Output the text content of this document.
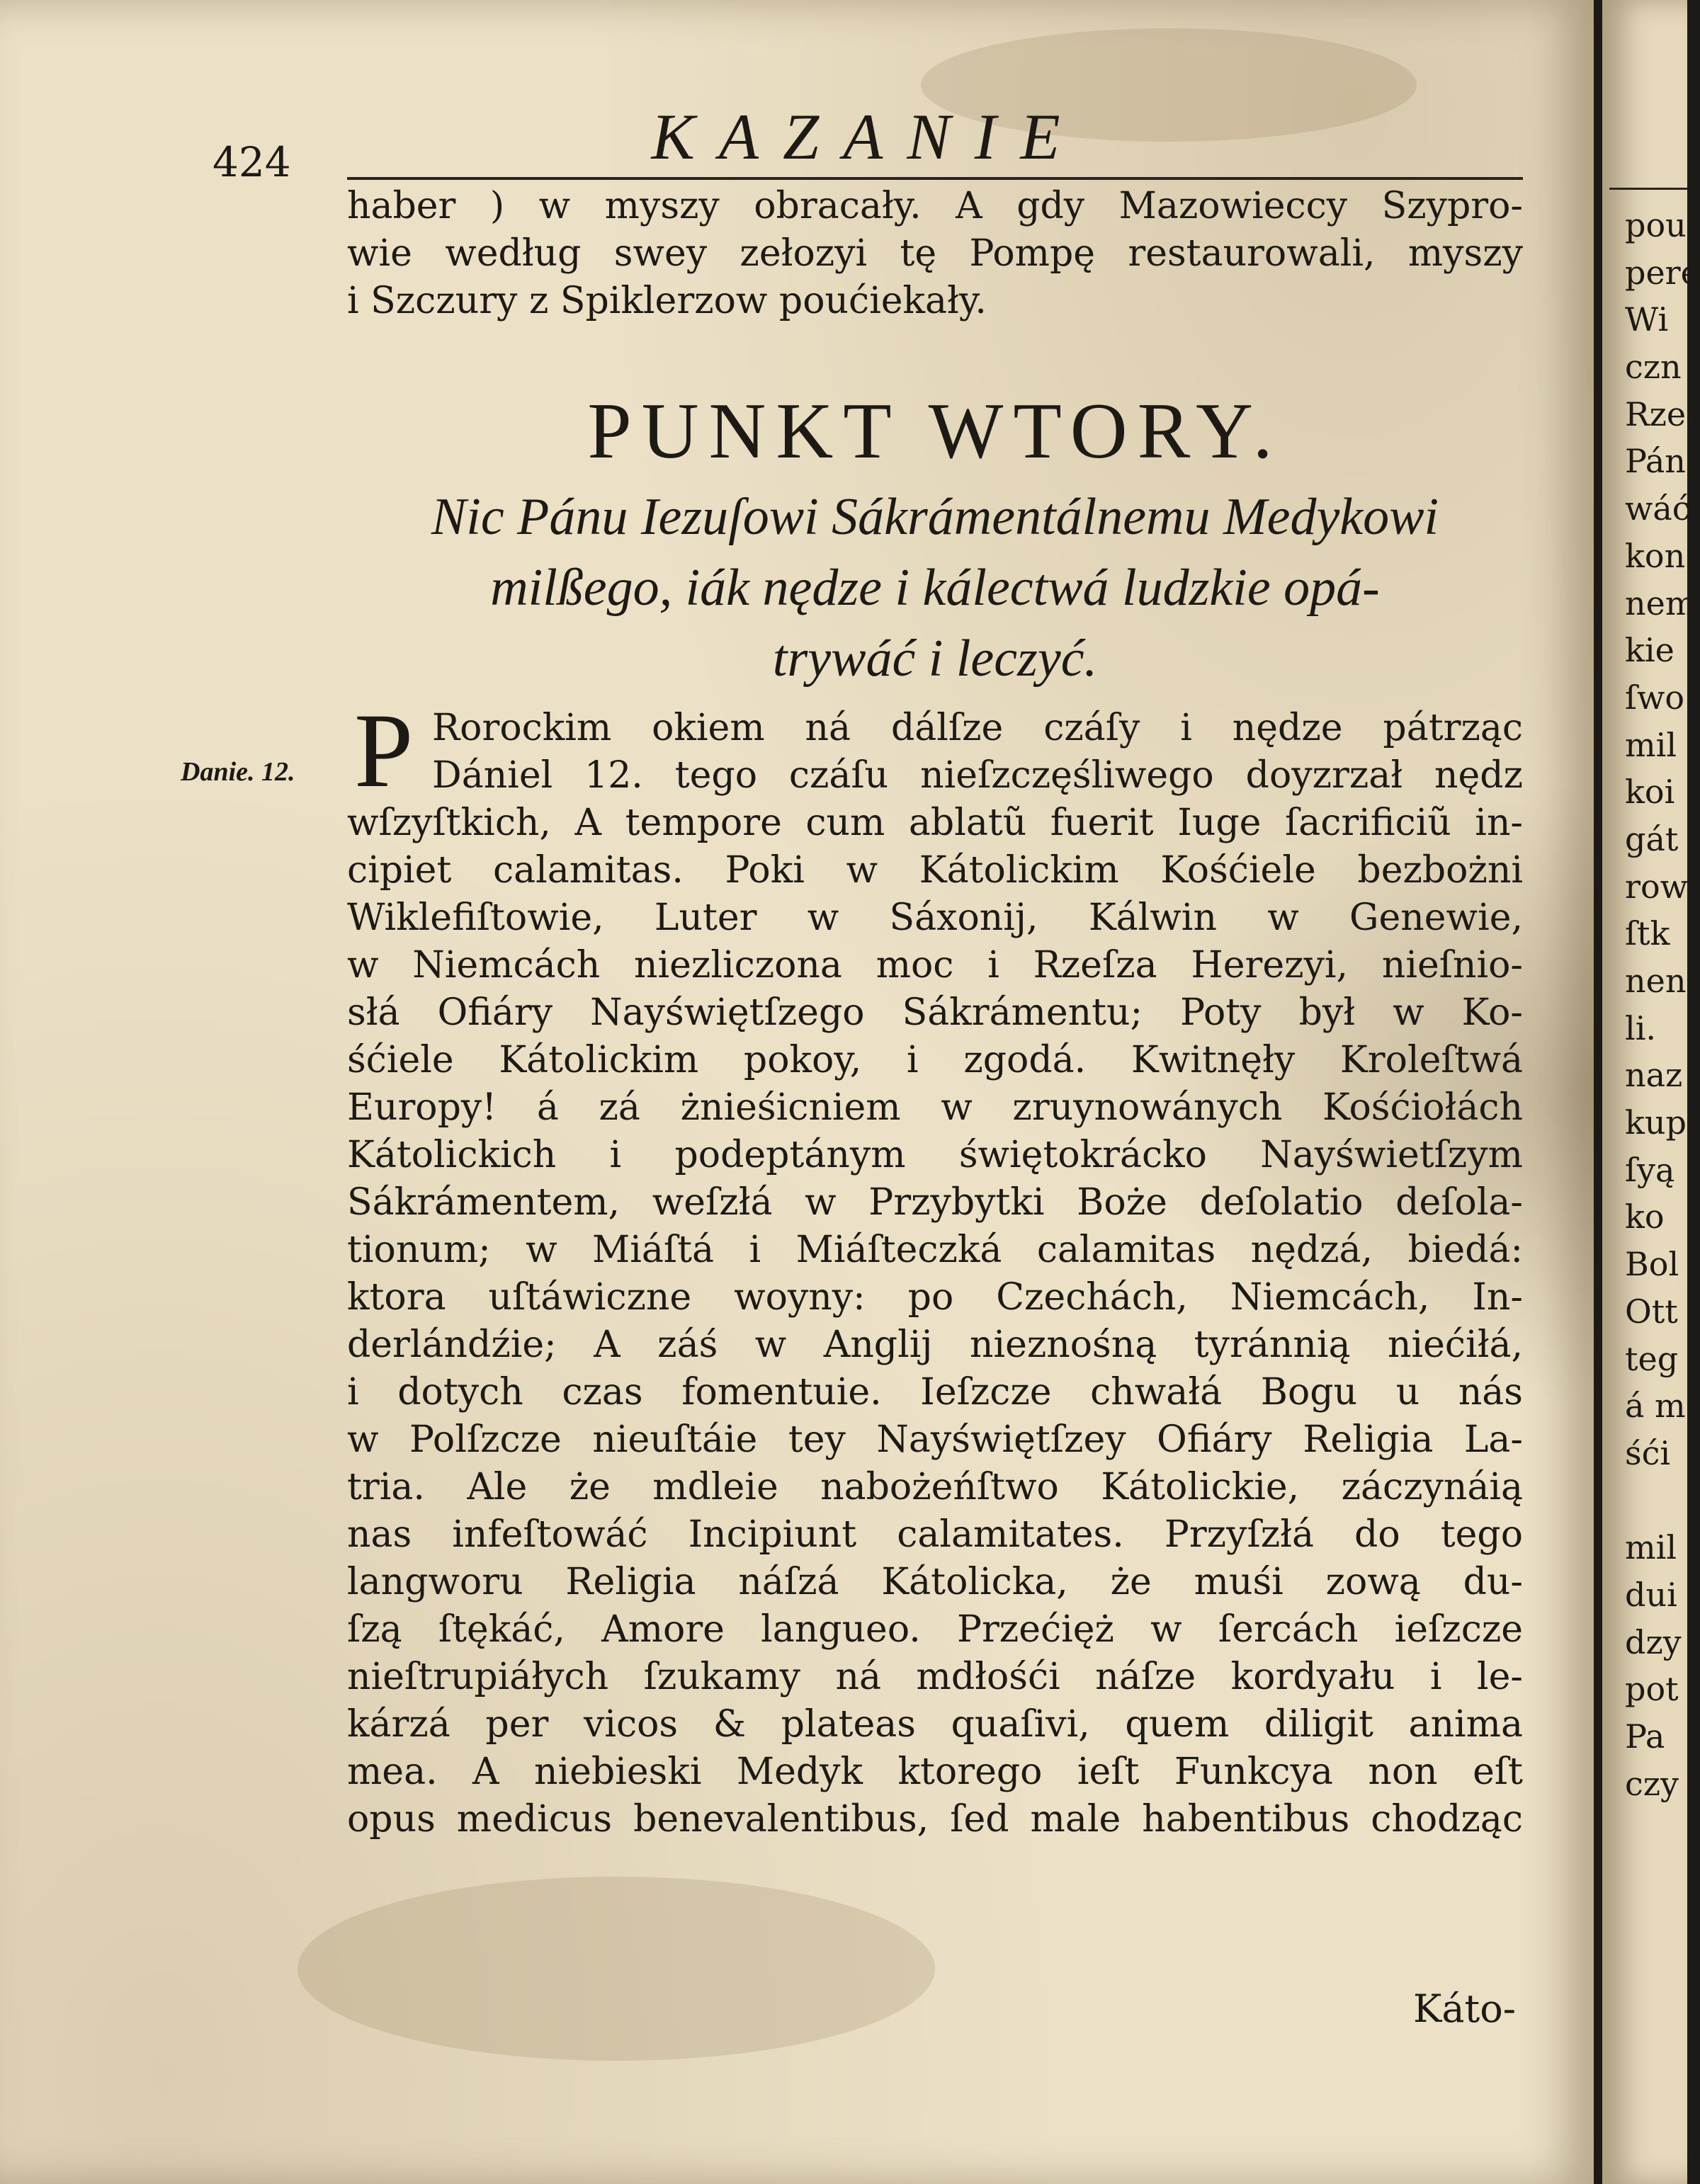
424	KAZANIE
haber ) w myszy obracały. A gdy Mazowieccy Szypro-
wie według swey zełozyi tę Pompę restaurowali, myszy
i Szczury z Spiklerzow poućiekały.
PUNKT WTORY.
Nic Pánu Iezuſowi Sákrámentálnemu Medykowi
milßego, iák nędze i kálectwá ludzkie opá-
trywáć i leczyć.
Danie. 12. P Rorockim okiem ná dálſze czáſy i nędze pátrząc
Dániel 12. tego czáſu nieſzczęśliwego doyzrzał nędz
wſzyſtkich, A tempore cum ablatũ fuerit Iuge ſacrificiũ in-
cipiet calamitas. Poki w Kátolickim Kośćiele bezbożni
Wiklefiſtowie, Luter w Sáxonij, Kálwin w Genewie,
w Niemcách niezliczona moc i Rzeſza Herezyi, nieſnio-
słá Ofiáry Nayświętſzego Sákrámentu; Poty był w Ko-
śćiele Kátolickim pokoy, i zgodá. Kwitnęły Kroleſtwá
Europy! á zá żnieśicniem w zruynowánych Kośćiołách
Kátolickich i podeptánym świętokrácko Nayświetſzym
Sákrámentem, weſzłá w Przybytki Boże deſolatio deſola-
tionum; w Miáſtá i Miáſteczká calamitas nędzá, biedá:
ktora uſtáwiczne woyny: po Czechách, Niemcách, In-
derlándźie; A záś w Anglij nieznośną tyránnią niećiłá,
i dotych czas fomentuie. Ieſzcze chwałá Bogu u nás
w Polſzcze nieuſtáie tey Nayświętſzey Ofiáry Religia La-
tria. Ale że mdleie nabożeńſtwo Kátolickie, záczynáią
nas infeſtowáć Incipiunt calamitates. Przyſzłá do tego
langworu Religia náſzá Kátolicka, że muśi zową du-
ſzą ſtękáć, Amore langueo. Przećięż w ſercách ieſzcze
nieſtrupiáłych ſzukamy ná mdłośći náſze kordyału i le-
kárzá per vicos & plateas quaſivi, quem diligit anima
mea. A niebieski Medyk ktorego ieſt Funkcya non eſt
opus medicus benevalentibus, ſed male habentibus chodząc
Káto-
pou
pere
Wi
czn
Rze
Pán
wáć
kon
nem
kie
ſwo
mil
koi
gát
row
ſtk
nen
li.
naz
kup
ſyą
ko
Bol
Ott
teg
á m
śći
mil
dui
dzy
pot
Pa
czy
